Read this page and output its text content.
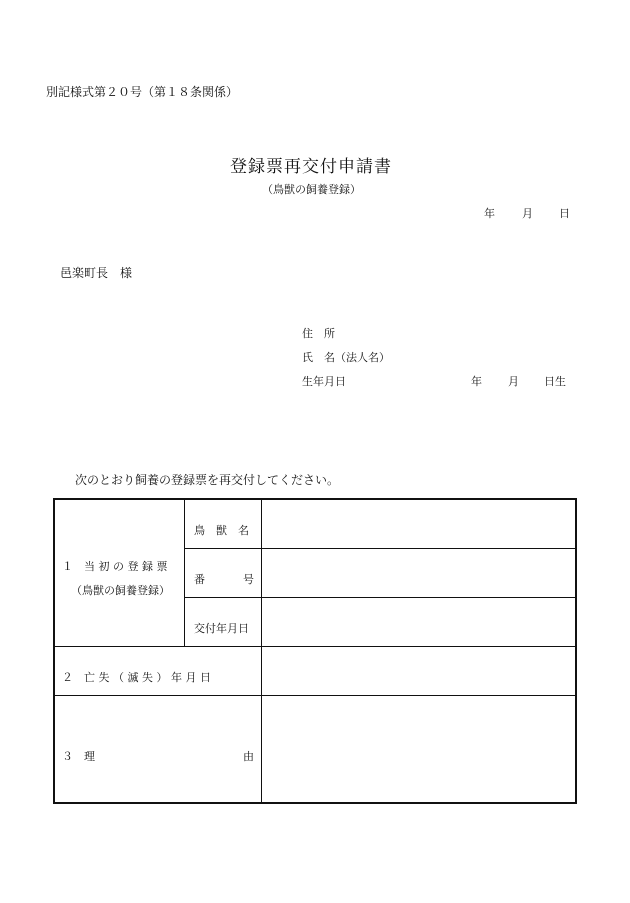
別記様式第２０号（第１８条関係）
登録票再交付申請書
（鳥獣の飼養登録）
年 月 日
邑楽町長　様
住　所
氏　名（法人名）
生年月日	年 月 日生
次のとおり飼養の登録票を再交付してください。
１　当 初 の 登 録 票
（鳥獣の飼養登録）
鳥　獣　名
番	号
交付年月日
２　亡 失 （ 滅 失 ） 年 月 日
３　理	由
